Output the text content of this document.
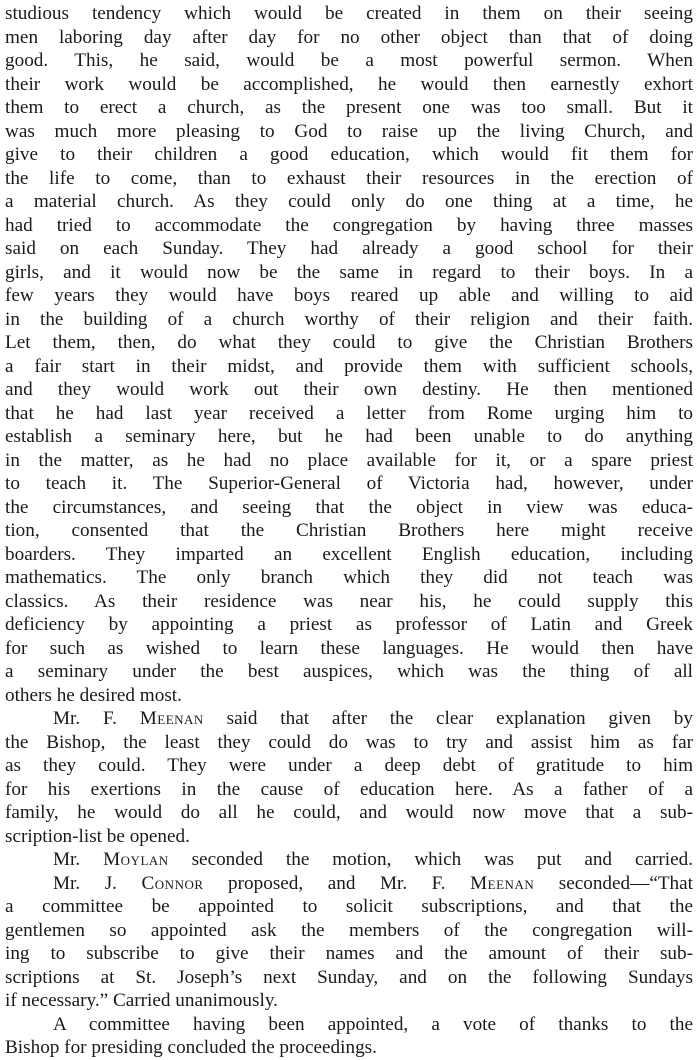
studious tendency which would be created in them on their seeing
men laboring day after day for no other object than that of doing
good. This, he said, would be a most powerful sermon. When
their work would be accomplished, he would then earnestly exhort
them to erect a church, as the present one was too small. But it
was much more pleasing to God to raise up the living Church, and
give to their children a good education, which would fit them for
the life to come, than to exhaust their resources in the erection of
a material church. As they could only do one thing at a time, he
had tried to accommodate the congregation by having three masses
said on each Sunday. They had already a good school for their
girls, and it would now be the same in regard to their boys. In a
few years they would have boys reared up able and willing to aid
in the building of a church worthy of their religion and their faith.
Let them, then, do what they could to give the Christian Brothers
a fair start in their midst, and provide them with sufficient schools,
and they would work out their own destiny. He then mentioned
that he had last year received a letter from Rome urging him to
establish a seminary here, but he had been unable to do anything
in the matter, as he had no place available for it, or a spare priest
to teach it. The Superior-General of Victoria had, however, under
the circumstances, and seeing that the object in view was educa-
tion, consented that the Christian Brothers here might receive
boarders. They imparted an excellent English education, including
mathematics. The only branch which they did not teach was
classics. As their residence was near his, he could supply this
deficiency by appointing a priest as professor of Latin and Greek
for such as wished to learn these languages. He would then have
a seminary under the best auspices, which was the thing of all
others he desired most.
Mr. F. Meenan said that after the clear explanation given by
the Bishop, the least they could do was to try and assist him as far
as they could. They were under a deep debt of gratitude to him
for his exertions in the cause of education here. As a father of a
family, he would do all he could, and would now move that a sub-
scription-list be opened.
Mr. Moylan seconded the motion, which was put and carried.
Mr. J. Connor proposed, and Mr. F. Meenan seconded—“That
a committee be appointed to solicit subscriptions, and that the
gentlemen so appointed ask the members of the congregation will-
ing to subscribe to give their names and the amount of their sub-
scriptions at St. Joseph’s next Sunday, and on the following Sundays
if necessary.” Carried unanimously.
A committee having been appointed, a vote of thanks to the
Bishop for presiding concluded the proceedings.
